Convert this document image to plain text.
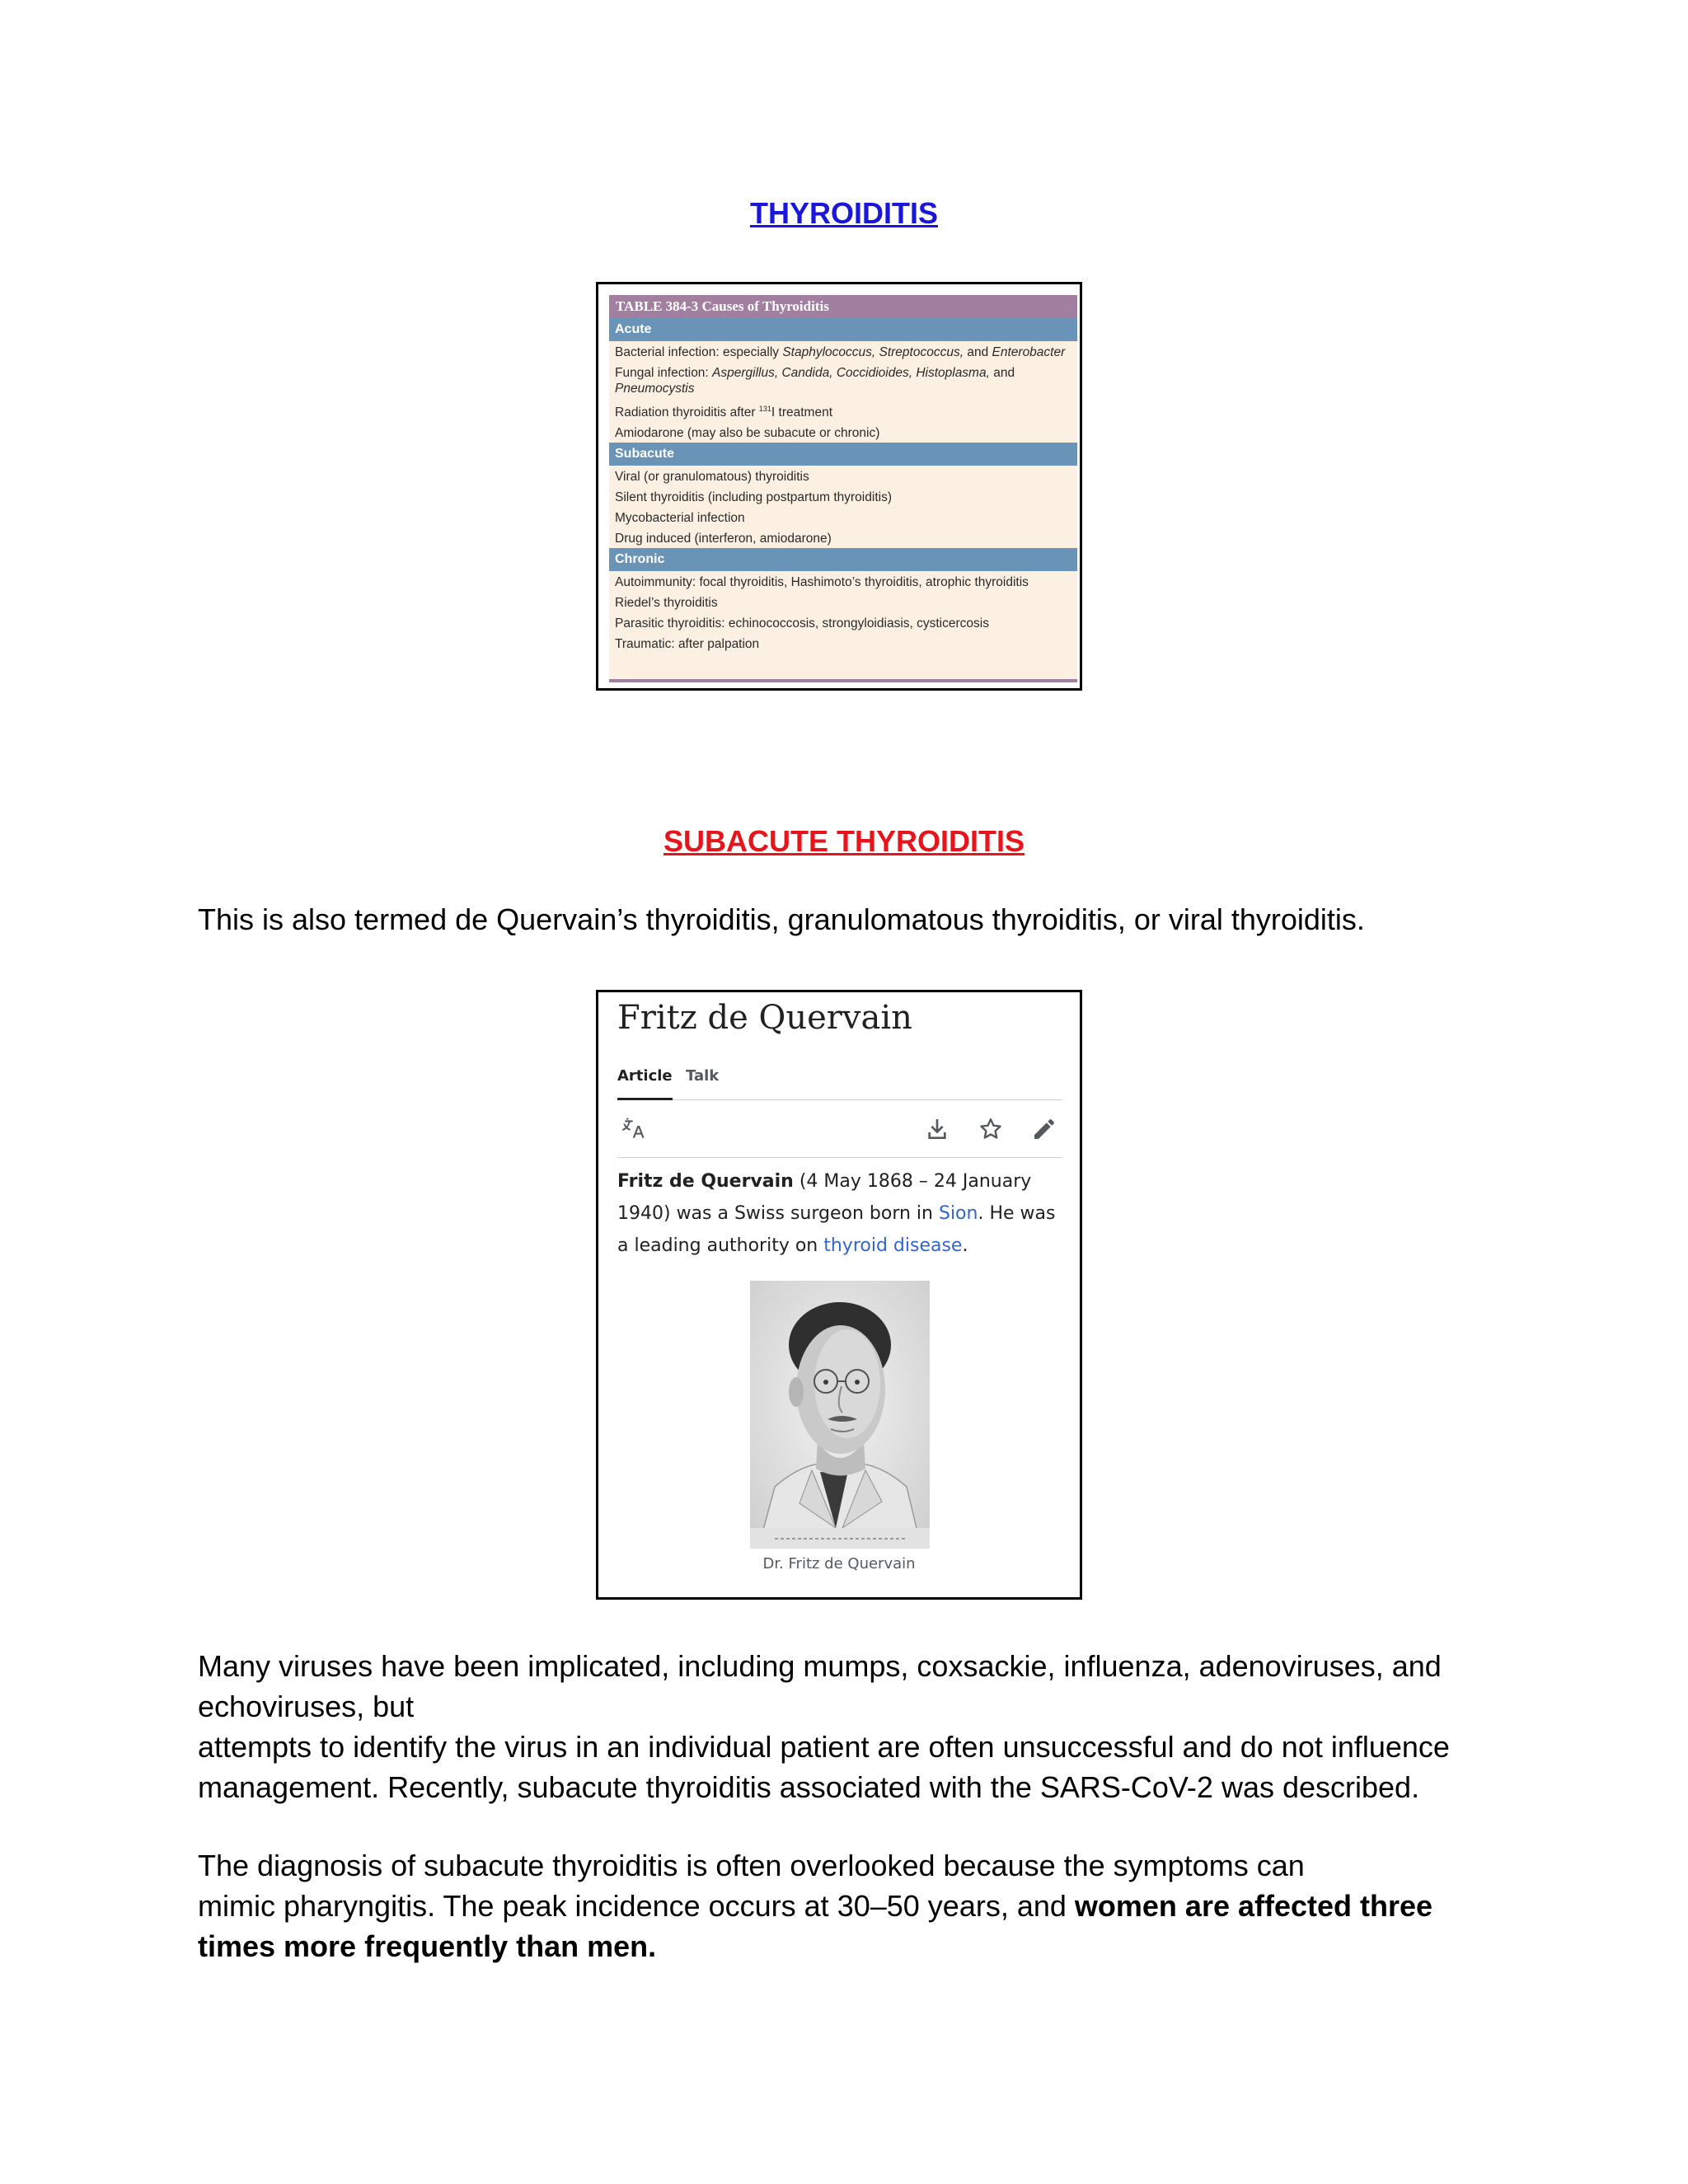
THYROIDITIS
TABLE 384-3 Causes of Thyroiditis
Acute
Bacterial infection: especially Staphylococcus, Streptococcus, and Enterobacter
Fungal infection: Aspergillus, Candida, Coccidioides, Histoplasma, and Pneumocystis
Radiation thyroiditis after $^{131}$I treatment
Amiodarone (may also be subacute or chronic)
Subacute
Viral (or granulomatous) thyroiditis
Silent thyroiditis (including postpartum thyroiditis)
Mycobacterial infection
Drug induced (interferon, amiodarone)
Chronic
Autoimmunity: focal thyroiditis, Hashimoto’s thyroiditis, atrophic thyroiditis
Riedel’s thyroiditis
Parasitic thyroiditis: echinococcosis, strongyloidiasis, cysticercosis
Traumatic: after palpation
SUBACUTE THYROIDITIS
This is also termed de Quervain’s thyroiditis, granulomatous thyroiditis, or viral thyroiditis.
Fritz de Quervain
Article Talk
Fritz de Quervain (4 May 1868 – 24 January 1940) was a Swiss surgeon born in Sion. He was a leading authority on thyroid disease.
Dr. Fritz de Quervain
Many viruses have been implicated, including mumps, coxsackie, influenza, adenoviruses, and echoviruses, but
attempts to identify the virus in an individual patient are often unsuccessful and do not influence management. Recently, subacute thyroiditis associated with the SARS-CoV-2 was described.
The diagnosis of subacute thyroiditis is often overlooked because the symptoms can
mimic pharyngitis. The peak incidence occurs at 30–50 years, and women are affected three times more frequently than men.
